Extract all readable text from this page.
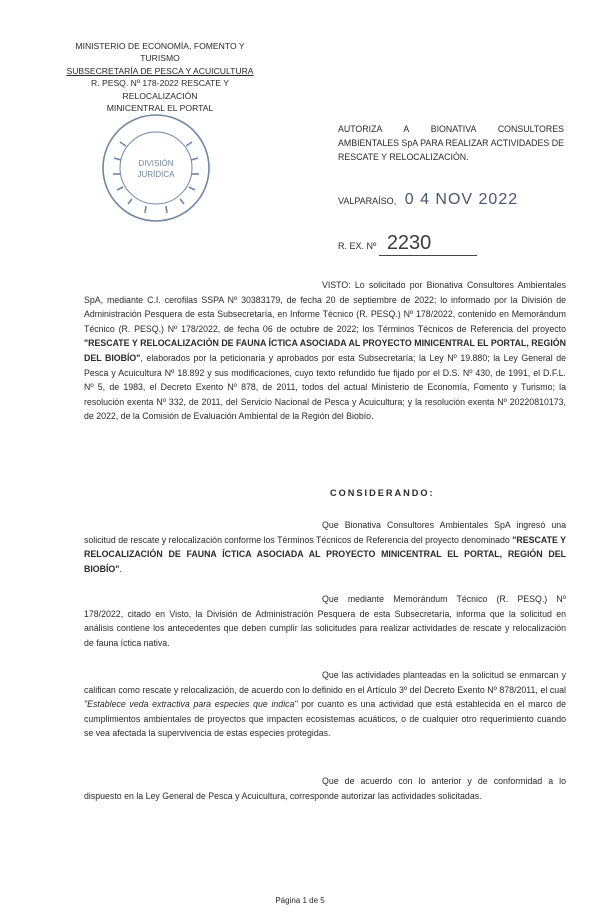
MINISTERIO DE ECONOMÍA, FOMENTO Y TURISMO
SUBSECRETARÍA DE PESCA Y ACUICULTURA
R. PESQ. Nº 178-2022 RESCATE Y RELOCALIZACIÓN
MINICENTRAL EL PORTAL
DIVISIÓN
JURÍDICA
AUTORIZA A BIONATIVA CONSULTORES AMBIENTALES SpA PARA REALIZAR ACTIVIDADES DE RESCATE Y RELOCALIZACIÓN.
VALPARAÍSO, 0 4 NOV 2022
R. EX. Nº 2230
VISTO: Lo solicitado por Bionativa Consultores Ambientales SpA, mediante C.I. cerofilas SSPA Nº 30383179, de fecha 20 de septiembre de 2022; lo informado por la División de Administración Pesquera de esta Subsecretaría, en Informe Técnico (R. PESQ.) Nº 178/2022, contenido en Memorándum Técnico (R. PESQ.) Nº 178/2022, de fecha 06 de octubre de 2022; los Términos Técnicos de Referencia del proyecto "RESCATE Y RELOCALIZACIÓN DE FAUNA ÍCTICA ASOCIADA AL PROYECTO MINICENTRAL EL PORTAL, REGIÓN DEL BIOBÍO", elaborados por la peticionaria y aprobados por esta Subsecretaría; la Ley Nº 19.880; la Ley General de Pesca y Acuicultura Nº 18.892 y sus modificaciones, cuyo texto refundido fue fijado por el D.S. Nº 430, de 1991, el D.F.L. Nº 5, de 1983, el Decreto Exento Nº 878, de 2011, todos del actual Ministerio de Economía, Fomento y Turismo; la resolución exenta Nº 332, de 2011, del Servicio Nacional de Pesca y Acuicultura; y la resolución exenta Nº 20220810173, de 2022, de la Comisión de Evaluación Ambiental de la Región del Biobío.
CONSIDERANDO:
Que Bionativa Consultores Ambientales SpA ingresó una solicitud de rescate y relocalización conforme los Términos Técnicos de Referencia del proyecto denominado "RESCATE Y RELOCALIZACIÓN DE FAUNA ÍCTICA ASOCIADA AL PROYECTO MINICENTRAL EL PORTAL, REGIÓN DEL BIOBÍO".
Que mediante Memorándum Técnico (R. PESQ.) Nº 178/2022, citado en Visto, la División de Administración Pesquera de esta Subsecretaría, informa que la solicitud en análisis contiene los antecedentes que deben cumplir las solicitudes para realizar actividades de rescate y relocalización de fauna íctica nativa.
Que las actividades planteadas en la solicitud se enmarcan y califican como rescate y relocalización, de acuerdo con lo definido en el Artículo 3º del Decreto Exento Nº 878/2011, el cual "Establece veda extractiva para especies que indica" por cuanto es una actividad que está establecida en el marco de cumplimientos ambientales de proyectos que impacten ecosistemas acuáticos, o de cualquier otro requerimiento cuando se vea afectada la supervivencia de estas especies protegidas.
Que de acuerdo con lo anterior y de conformidad a lo dispuesto en la Ley General de Pesca y Acuicultura, corresponde autorizar las actividades solicitadas.
Página 1 de 5
